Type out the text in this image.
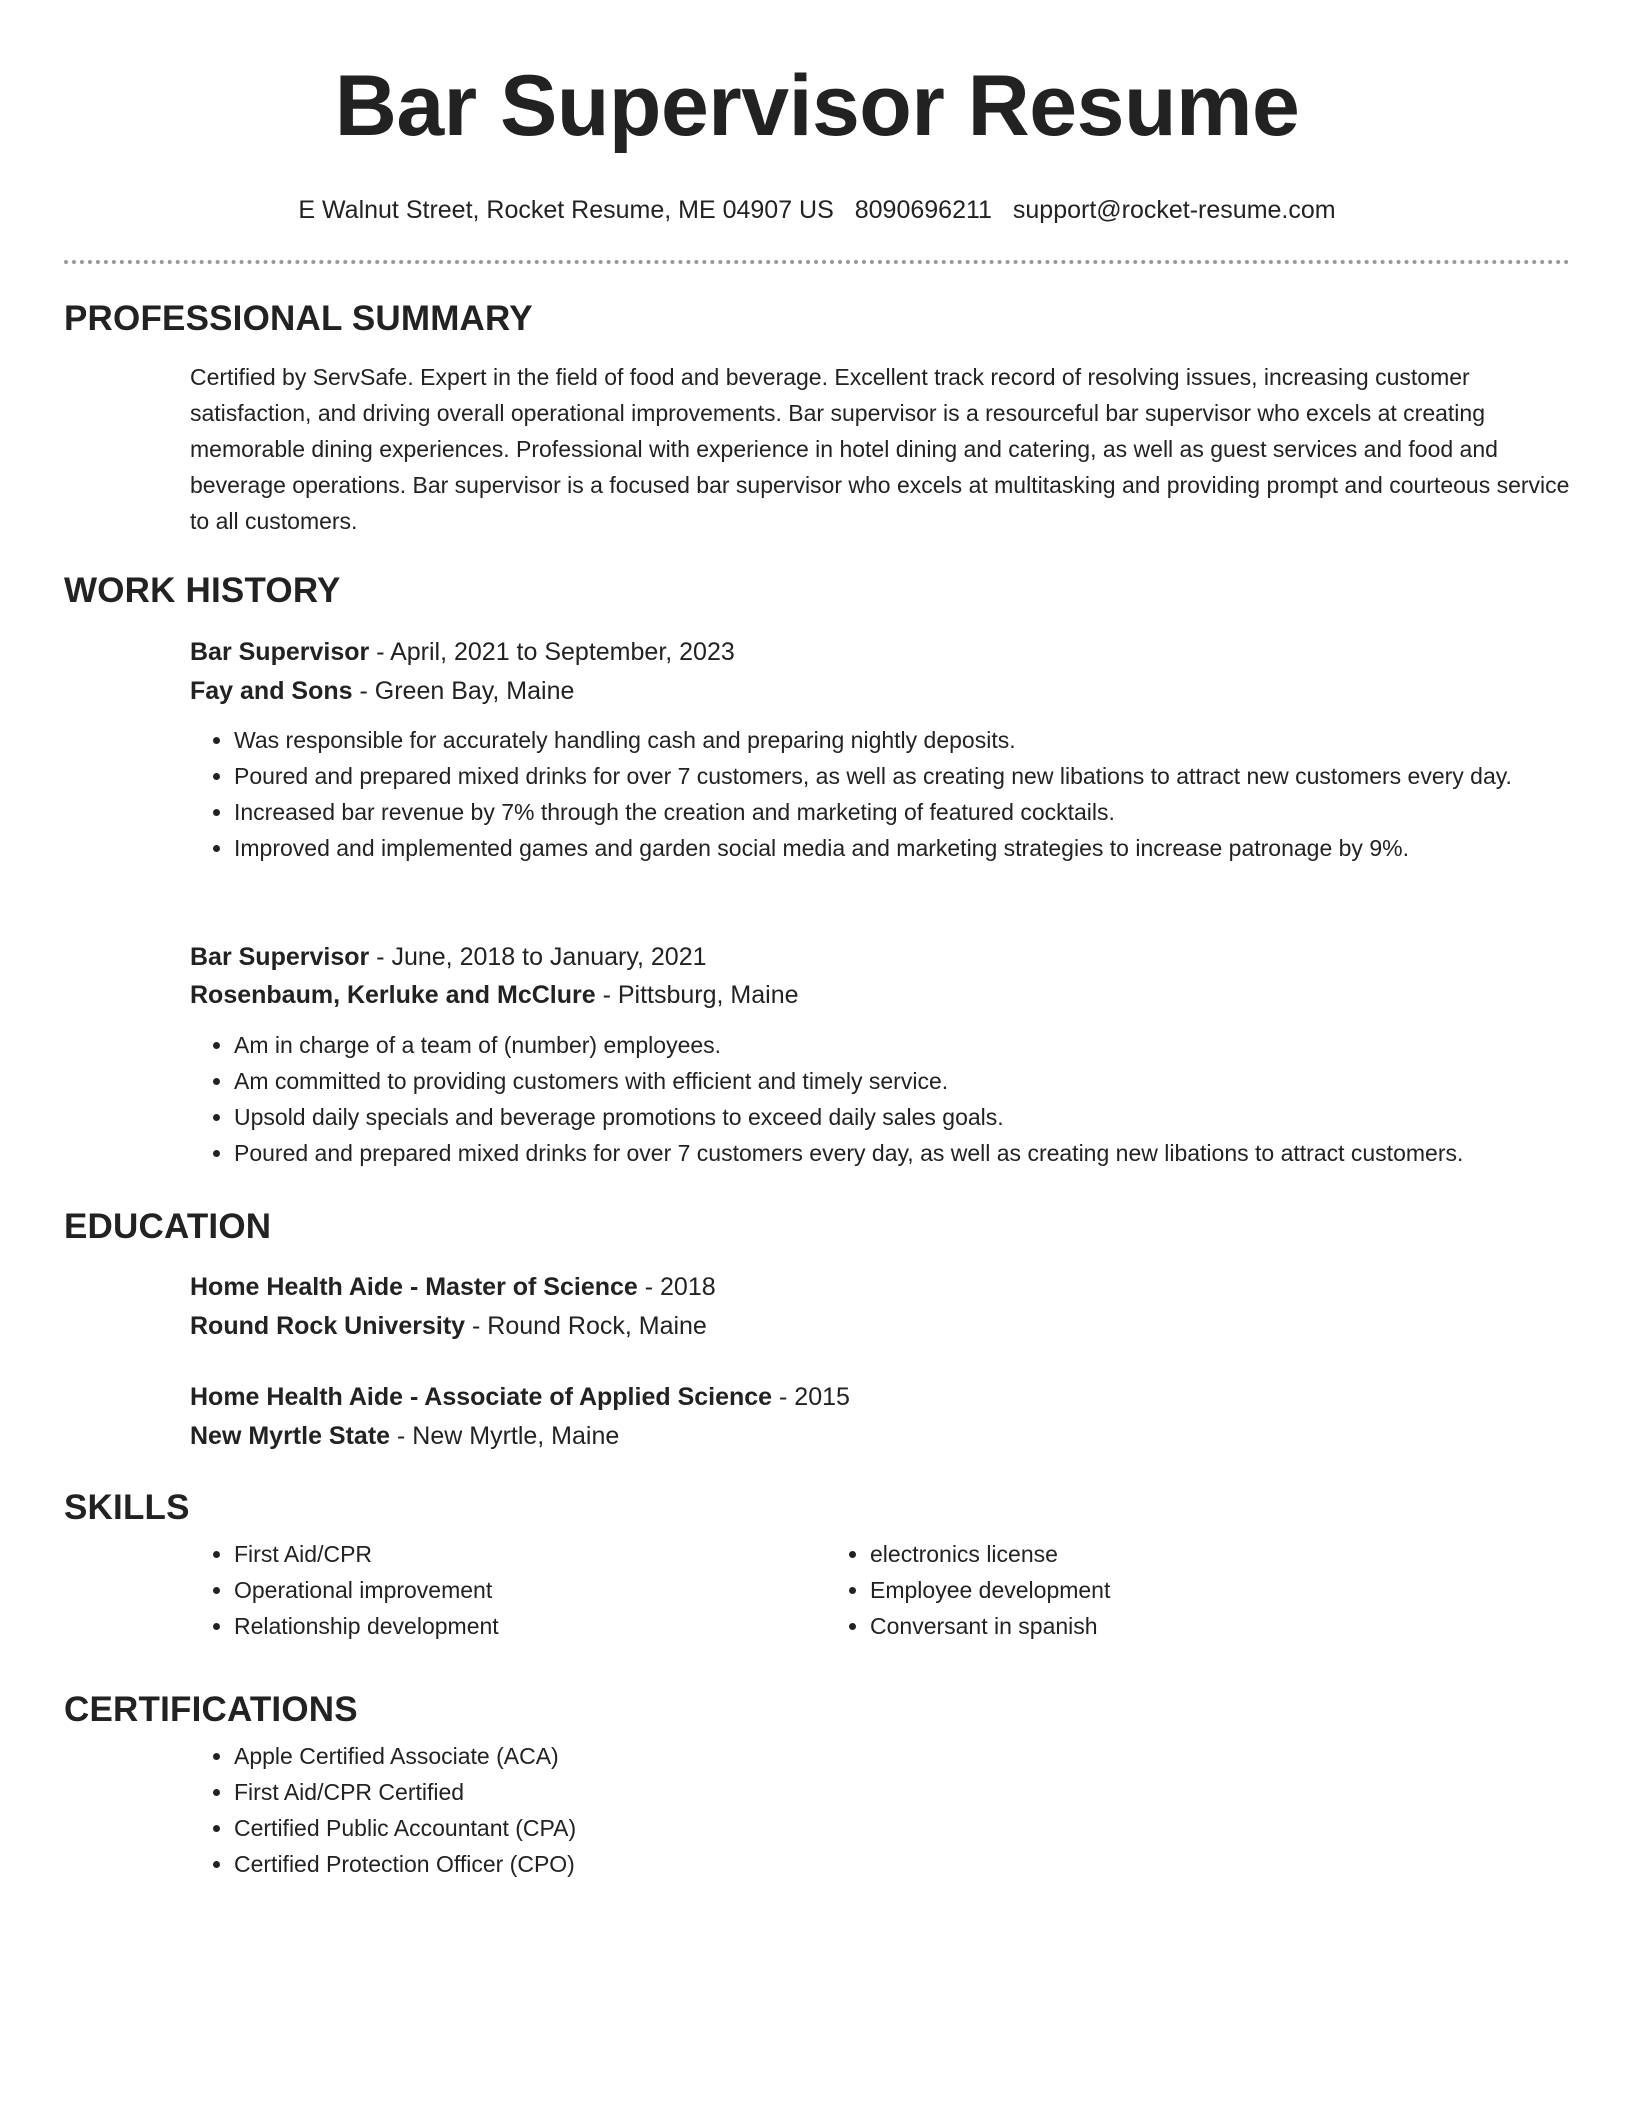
Bar Supervisor Resume
E Walnut Street, Rocket Resume, ME 04907 US 8090696211 support@rocket-resume.com
PROFESSIONAL SUMMARY

Certified by ServSafe. Expert in the field of food and beverage. Excellent track record of resolving issues, increasing customer satisfaction, and driving overall operational improvements. Bar supervisor is a resourceful bar supervisor who excels at creating memorable dining experiences. Professional with experience in hotel dining and catering, as well as guest services and food and beverage operations. Bar supervisor is a focused bar supervisor who excels at multitasking and providing prompt and courteous service to all customers.

WORK HISTORY
Bar Supervisor - April, 2021 to September, 2023
Fay and Sons - Green Bay, Maine
• Was responsible for accurately handling cash and preparing nightly deposits.
• Poured and prepared mixed drinks for over 7 customers, as well as creating new libations to attract new customers every day.
• Increased bar revenue by 7% through the creation and marketing of featured cocktails.
• Improved and implemented games and garden social media and marketing strategies to increase patronage by 9%.
Bar Supervisor - June, 2018 to January, 2021
Rosenbaum, Kerluke and McClure - Pittsburg, Maine
• Am in charge of a team of (number) employees.
• Am committed to providing customers with efficient and timely service.
• Upsold daily specials and beverage promotions to exceed daily sales goals.
• Poured and prepared mixed drinks for over 7 customers every day, as well as creating new libations to attract customers.
EDUCATION
Home Health Aide - Master of Science - 2018
Round Rock University - Round Rock, Maine
Home Health Aide - Associate of Applied Science - 2015
New Myrtle State - New Myrtle, Maine
SKILLS
• First Aid/CPR
• Operational improvement
• Relationship development
• electronics license
• Employee development
• Conversant in spanish
CERTIFICATIONS
• Apple Certified Associate (ACA)
• First Aid/CPR Certified
• Certified Public Accountant (CPA)
• Certified Protection Officer (CPO)
